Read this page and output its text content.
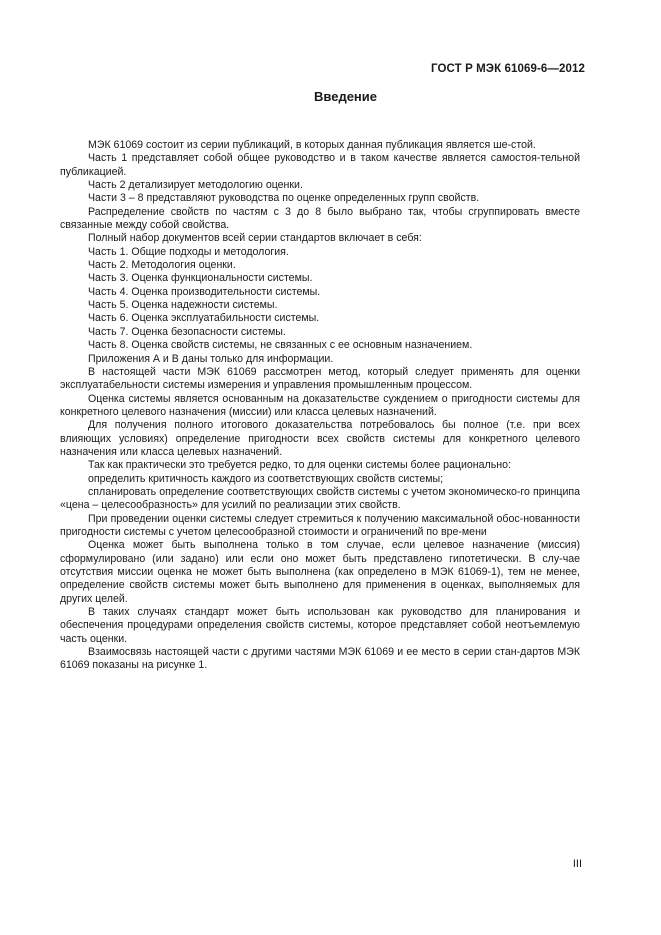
ГОСТ Р МЭК 61069-6—2012
Введение

МЭК 61069 состоит из серии публикаций, в которых данная публикация является ше-стой.

Часть 1 представляет собой общее руководство и в таком качестве является самостоя-тельной публикацией.

Часть 2 детализирует методологию оценки.

Части 3 – 8 представляют руководства по оценке определенных групп свойств.

Распределение свойств по частям с 3 до 8 было выбрано так, чтобы сгруппировать вместе связанные между собой свойства.

Полный набор документов всей серии стандартов включает в себя:

Часть 1. Общие подходы и методология.

Часть 2. Методология оценки.

Часть 3. Оценка функциональности системы.

Часть 4. Оценка производительности системы.

Часть 5. Оценка надежности системы.

Часть 6. Оценка эксплуатабильности системы.

Часть 7. Оценка безопасности системы.

Часть 8. Оценка свойств системы, не связанных с ее основным назначением.

Приложения А и В даны только для информации.

В настоящей части МЭК 61069 рассмотрен метод, который следует применять для оценки эксплуатабельности системы измерения и управления промышленным процессом.

Оценка системы является основанным на доказательстве суждением о пригодности системы для конкретного целевого назначения (миссии) или класса целевых назначений.

Для получения полного итогового доказательства потребовалось бы полное (т.е. при всех влияющих условиях) определение пригодности всех свойств системы для конкретного целевого назначения или класса целевых назначений.

Так как практически это требуется редко, то для оценки системы более рационально:

определить критичность каждого из соответствующих свойств системы;

спланировать определение соответствующих свойств системы с учетом экономическо-го принципа «цена – целесообразность» для усилий по реализации этих свойств.

При проведении оценки системы следует стремиться к получению максимальной обос-нованности пригодности системы с учетом целесообразной стоимости и ограничений по вре-мени

Оценка может быть выполнена только в том случае, если целевое назначение (миссия) сформулировано (или задано) или если оно может быть представлено гипотетически. В слу-чае отсутствия миссии оценка не может быть выполнена (как определено в МЭК 61069-1), тем не менее, определение свойств системы может быть выполнено для применения в оценках, выполняемых для других целей.

В таких случаях стандарт может быть использован как руководство для планирования и обеспечения процедурами определения свойств системы, которое представляет собой неотъемлемую часть оценки.

Взаимосвязь настоящей части с другими частями МЭК 61069 и ее место в серии стан-дартов МЭК 61069 показаны на рисунке 1.

III
